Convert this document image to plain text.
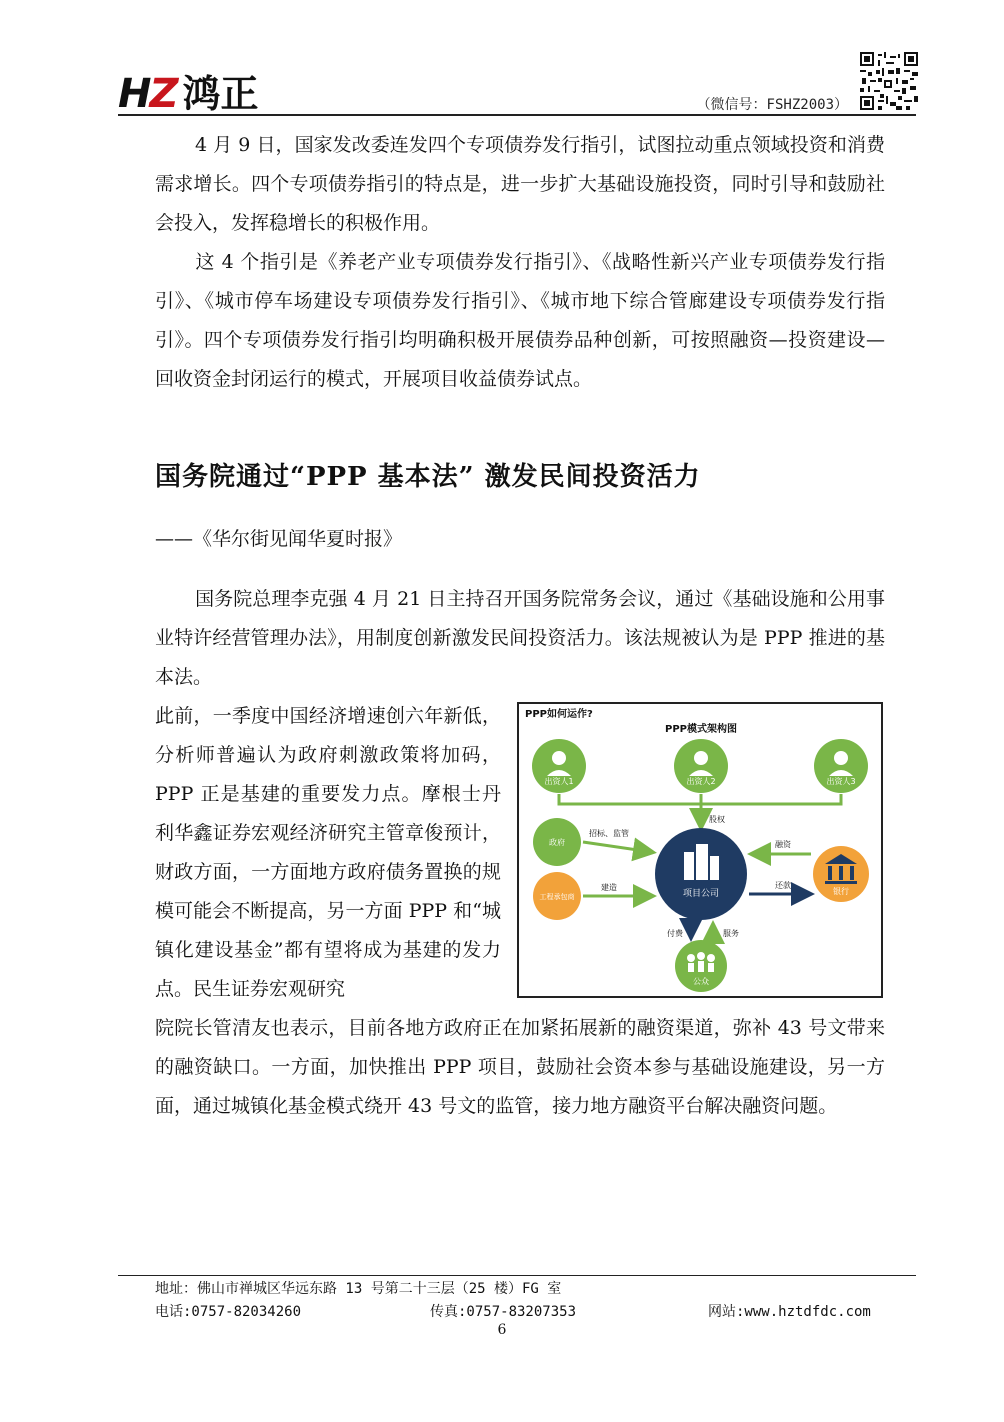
HZ 鸿正	（微信号：FSHZ2003）
4 月 9 日，国家发改委连发四个专项债券发行指引，试图拉动重点领域投资和消费需求增长。四个专项债券指引的特点是，进一步扩大基础设施投资，同时引导和鼓励社会投入，发挥稳增长的积极作用。
这 4 个指引是《养老产业专项债券发行指引》、《战略性新兴产业专项债券发行指引》、《城市停车场建设专项债券发行指引》、《城市地下综合管廊建设专项债券发行指引》。四个专项债券发行指引均明确积极开展债券品种创新，可按照融资—投资建设—回收资金封闭运行的模式，开展项目收益债券试点。
国务院通过“PPP 基本法” 激发民间投资活力
——《华尔街见闻华夏时报》
国务院总理李克强 4 月 21 日主持召开国务院常务会议，通过《基础设施和公用事业特许经营管理办法》，用制度创新激发民间投资活力。该法规被认为是 PPP 推进的基本法。
此前，一季度中国经济增速创六年新低，分析师普遍认为政府刺激政策将加码，PPP 正是基建的重要发力点。摩根士丹利华鑫证券宏观经济研究主管章俊预计，财政方面，一方面地方政府债务置换的规模可能会不断提高，另一方面 PPP 和“城镇化建设基金”都有望将成为基建的发力点。民生证券宏观研究
院院长管清友也表示，目前各地方政府正在加紧拓展新的融资渠道，弥补 43 号文带来的融资缺口。一方面，加快推出 PPP 项目，鼓励社会资本参与基础设施建设，另一方面，通过城镇化基金模式绕开 43 号文的监管，接力地方融资平台解决融资问题。
PPP如何运作?
PPP模式架构图
出资人1	出资人2	出资人3
股权
项目公司
政府
招标、监管
工程承包商
建造	银行
融资
还款
公众
付费	服务
地址：佛山市禅城区华远东路 13 号第二十三层（25 楼）FG 室
电话:0757-82034260	传真:0757-83207353	网站:www.hztdfdc.com
6
